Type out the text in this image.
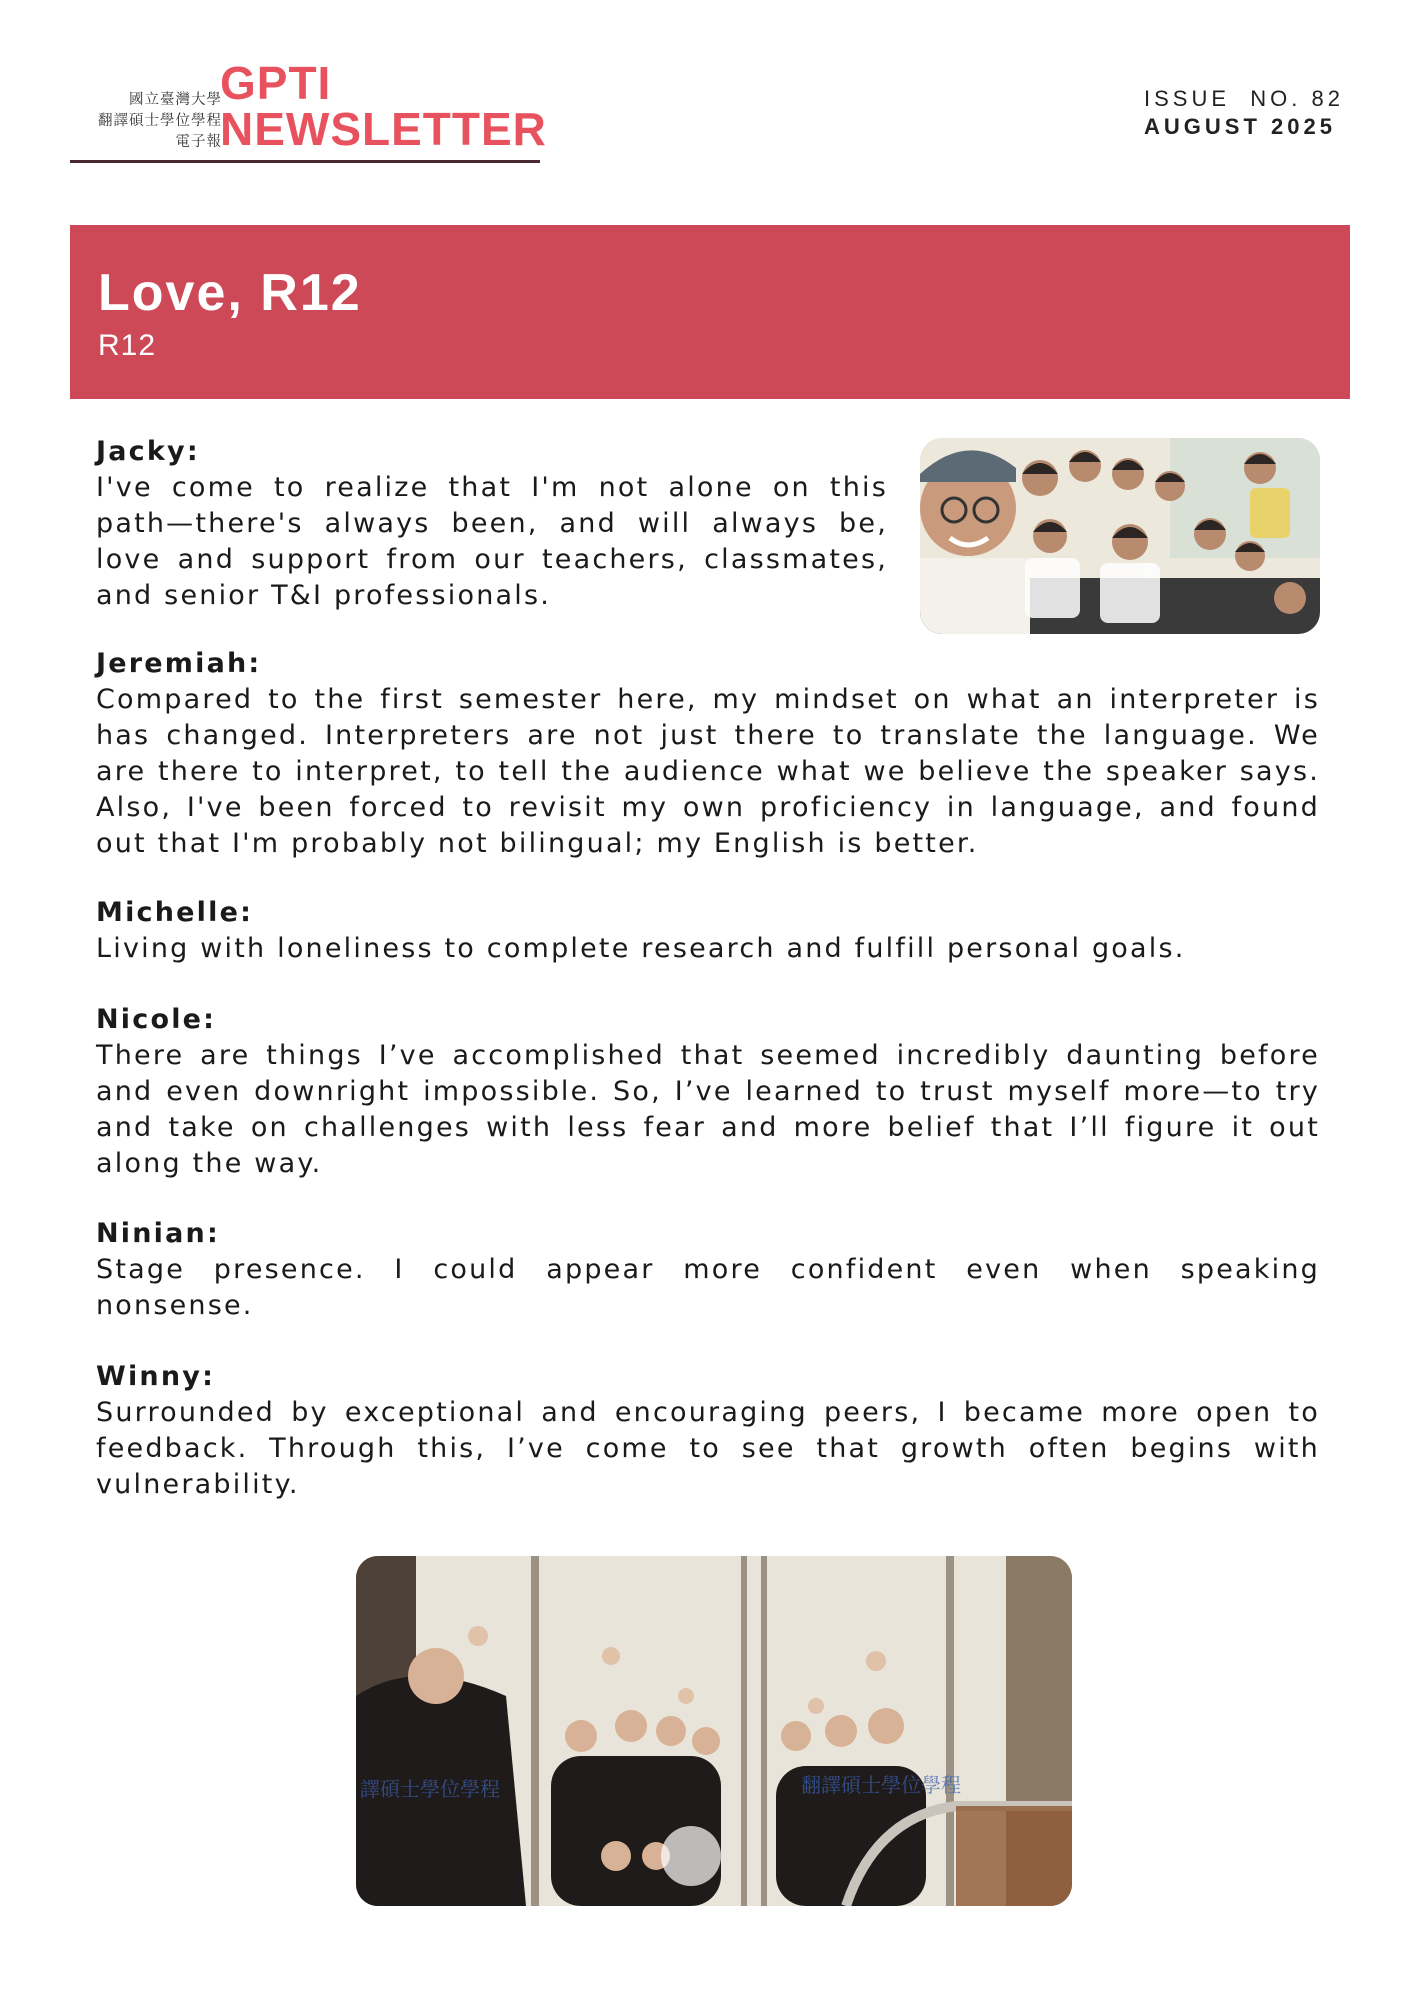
國立臺灣大學
翻譯碩士學位學程
電子報
GPTI
NEWSLETTER
ISSUE  NO. 82
AUGUST 2025
Love, R12
R12
Jacky:
I've come to realize that I'm not alone on this path—there's always been, and will always be, love and support from our teachers, classmates, and senior T&I professionals.
Jeremiah:
Compared to the first semester here, my mindset on what an interpreter is has changed. Interpreters are not just there to translate the language. We are there to interpret, to tell the audience what we believe the speaker says. Also, I've been forced to revisit my own proficiency in language, and found out that I'm probably not bilingual; my English is better.
Michelle:
Living with loneliness to complete research and fulfill personal goals.
Nicole:
There are things I’ve accomplished that seemed incredibly daunting before and even downright impossible. So, I’ve learned to trust myself more—to try and take on challenges with less fear and more belief that I’ll figure it out along the way.
Ninian:
Stage presence. I could appear more confident even when speaking nonsense.
Winny:
Surrounded by exceptional and encouraging peers, I became more open to feedback. Through this, I’ve come to see that growth often begins with vulnerability.
譯碩士學位學程	翻譯碩士學位學程
